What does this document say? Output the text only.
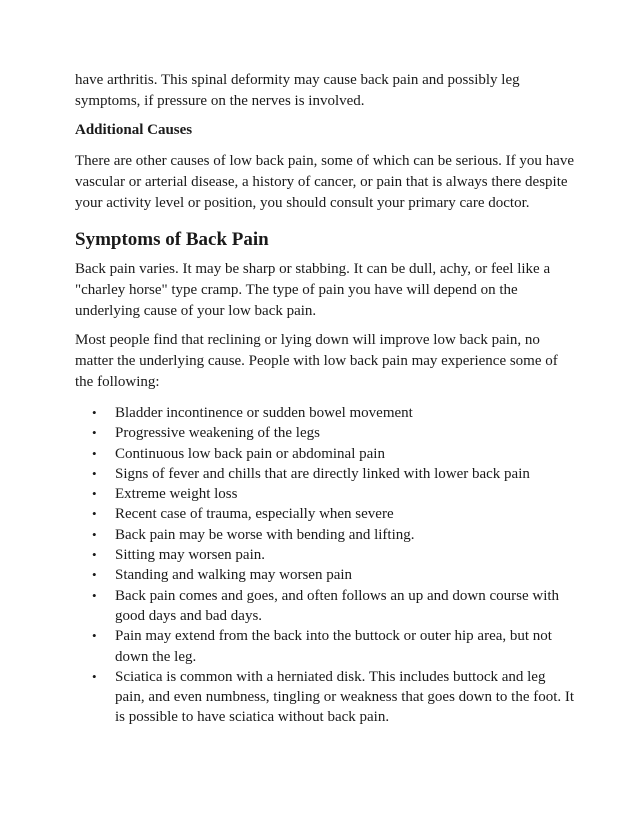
have arthritis. This spinal deformity may cause back pain and possibly leg symptoms, if pressure on the nerves is involved.

Additional Causes

There are other causes of low back pain, some of which can be serious. If you have vascular or arterial disease, a history of cancer, or pain that is always there despite your activity level or position, you should consult your primary care doctor.

Symptoms of Back Pain

Back pain varies. It may be sharp or stabbing. It can be dull, achy, or feel like a "charley horse" type cramp. The type of pain you have will depend on the underlying cause of your low back pain.

Most people find that reclining or lying down will improve low back pain, no matter the underlying cause. People with low back pain may experience some of the following:

• Bladder incontinence or sudden bowel movement
• Progressive weakening of the legs
• Continuous low back pain or abdominal pain
• Signs of fever and chills that are directly linked with lower back pain
• Extreme weight loss
• Recent case of trauma, especially when severe
• Back pain may be worse with bending and lifting.
• Sitting may worsen pain.
• Standing and walking may worsen pain
• Back pain comes and goes, and often follows an up and down course with good days and bad days.
• Pain may extend from the back into the buttock or outer hip area, but not down the leg.
• Sciatica is common with a herniated disk. This includes buttock and leg pain, and even numbness, tingling or weakness that goes down to the foot. It is possible to have sciatica without back pain.
